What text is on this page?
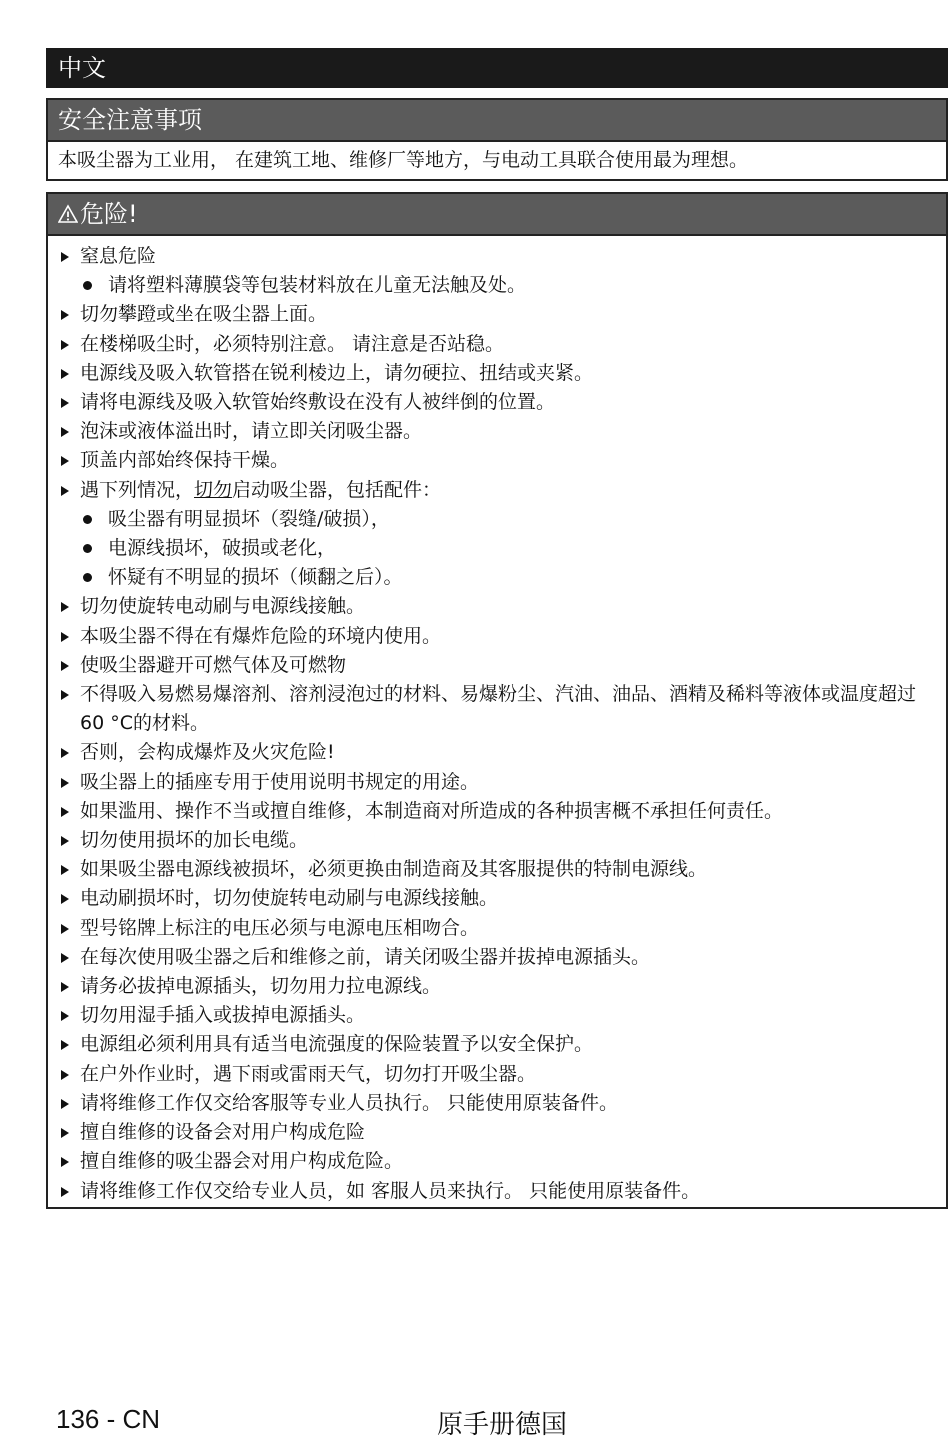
中文
安全注意事项
本吸尘器为工业用， 在建筑工地、维修厂等地方，与电动工具联合使用最为理想。
危险!
窒息危险
请将塑料薄膜袋等包装材料放在儿童无法触及处。
切勿攀蹬或坐在吸尘器上面。
在楼梯吸尘时，必须特别注意。 请注意是否站稳。
电源线及吸入软管搭在锐利棱边上，请勿硬拉、扭结或夹紧。
请将电源线及吸入软管始终敷设在没有人被绊倒的位置。
泡沫或液体溢出时，请立即关闭吸尘器。
顶盖内部始终保持干燥。
遇下列情况，切勿启动吸尘器，包括配件：
吸尘器有明显损坏（裂缝/破损），
电源线损坏，破损或老化，
怀疑有不明显的损坏（倾翻之后）。
切勿使旋转电动刷与电源线接触。
本吸尘器不得在有爆炸危险的环境内使用。
使吸尘器避开可燃气体及可燃物
不得吸入易燃易爆溶剂、溶剂浸泡过的材料、易爆粉尘、汽油、油品、酒精及稀料等液体或温度超过60 °C的材料。
否则，会构成爆炸及火灾危险!
吸尘器上的插座专用于使用说明书规定的用途。
如果滥用、操作不当或擅自维修，本制造商对所造成的各种损害概不承担任何责任。
切勿使用损坏的加长电缆。
如果吸尘器电源线被损坏，必须更换由制造商及其客服提供的特制电源线。
电动刷损坏时，切勿使旋转电动刷与电源线接触。
型号铭牌上标注的电压必须与电源电压相吻合。
在每次使用吸尘器之后和维修之前，请关闭吸尘器并拔掉电源插头。
请务必拔掉电源插头，切勿用力拉电源线。
切勿用湿手插入或拔掉电源插头。
电源组必须利用具有适当电流强度的保险装置予以安全保护。
在户外作业时，遇下雨或雷雨天气，切勿打开吸尘器。
请将维修工作仅交给客服等专业人员执行。 只能使用原装备件。
擅自维修的设备会对用户构成危险
擅自维修的吸尘器会对用户构成危险。
请将维修工作仅交给专业人员，如 客服人员来执行。 只能使用原装备件。
136 - CN	原手册德国
